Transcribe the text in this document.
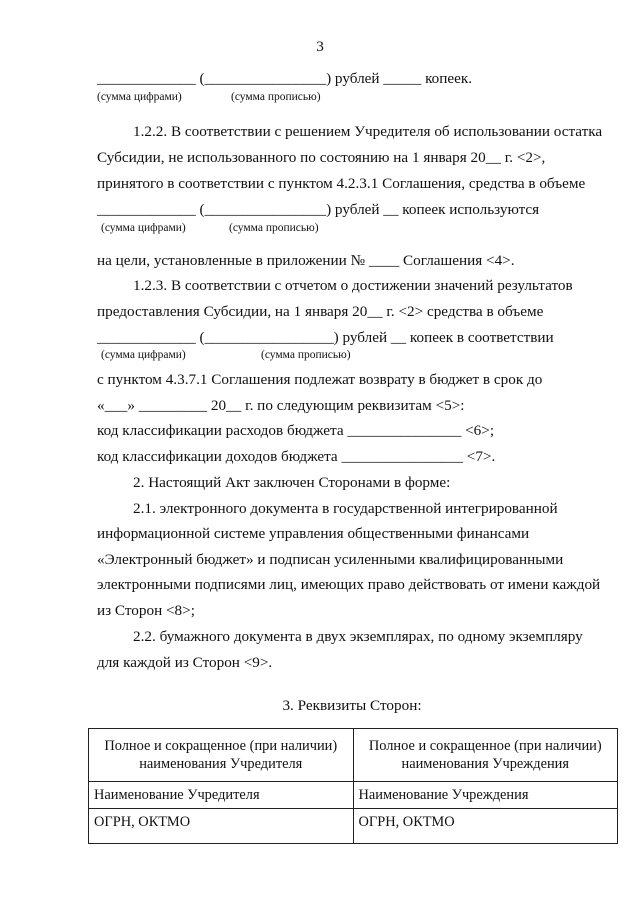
3
_____________ (________________) рублей _____ копеек.
(сумма цифрами)	(сумма прописью)
1.2.2. В соответствии с решением Учредителя об использовании остатка
Субсидии, не использованного по состоянию на 1 января 20__ г. <2>,
принятого в соответствии с пунктом 4.2.3.1 Соглашения, средства в объеме
_____________ (________________) рублей __ копеек используются
(сумма цифрами)	(сумма прописью)
на цели, установленные в приложении № ____ Соглашения <4>.
1.2.3. В соответствии с отчетом о достижении значений результатов
предоставления Субсидии, на 1 января 20__ г. <2> средства в объеме
_____________ (_________________) рублей __ копеек в соответствии
(сумма цифрами)	(сумма прописью)
с пунктом 4.3.7.1 Соглашения подлежат возврату в бюджет в срок до
«___» _________ 20__ г. по следующим реквизитам <5>:
код классификации расходов бюджета _______________ <6>;
код классификации доходов бюджета ________________ <7>.
2. Настоящий Акт заключен Сторонами в форме:
2.1. электронного документа в государственной интегрированной
информационной системе управления общественными финансами
«Электронный бюджет» и подписан усиленными квалифицированными
электронными подписями лиц, имеющих право действовать от имени каждой
из Сторон <8>;
2.2. бумажного документа в двух экземплярах, по одному экземпляру
для каждой из Сторон <9>.
3. Реквизиты Сторон:
Полное и сокращенное (при наличии) наименования Учредителя	Полное и сокращенное (при наличии) наименования Учреждения
Наименование Учредителя	Наименование Учреждения
ОГРН, ОКТМО	ОГРН, ОКТМО
